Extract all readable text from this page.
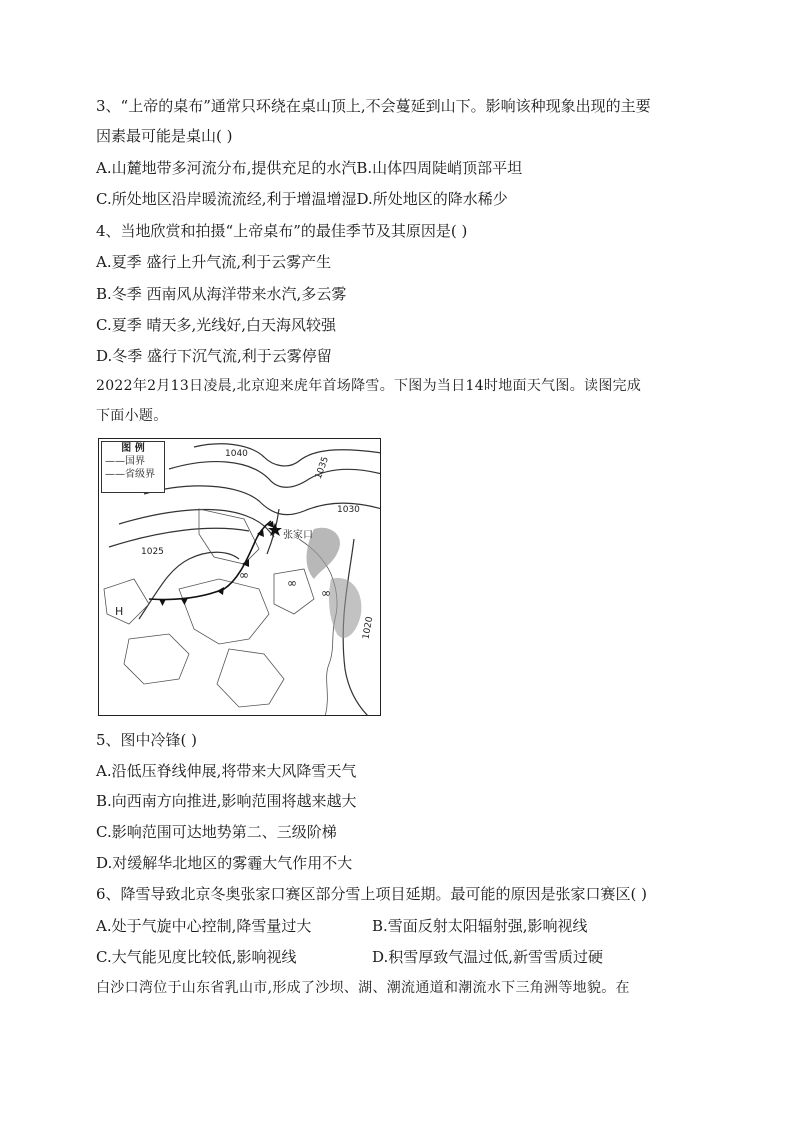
3、“上帝的桌布”通常只环绕在桌山顶上,不会蔓延到山下。影响该种现象出现的主要
因素最可能是桌山( )
A.山麓地带多河流分布,提供充足的水汽B.山体四周陡峭顶部平坦
C.所处地区沿岸暖流流经,利于增温增湿D.所处地区的降水稀少
4、当地欣赏和拍摄“上帝桌布”的最佳季节及其原因是( )
A.夏季 盛行上升气流,利于云雾产生
B.冬季 西南风从海洋带来水汽,多云雾
C.夏季 晴天多,光线好,白天海风较强
D.冬季 盛行下沉气流,利于云雾停留
2022年2月13日凌晨,北京迎来虎年首场降雪。下图为当日14时地面天气图。读图完成
下面小题。
∞
∞
∞
图 例
——国界
——省级界
1040
1035
1030
1025
1020
H
张家口
5、图中冷锋( )
A.沿低压脊线伸展,将带来大风降雪天气
B.向西南方向推进,影响范围将越来越大
C.影响范围可达地势第二、三级阶梯
D.对缓解华北地区的雾霾大气作用不大
6、降雪导致北京冬奥张家口赛区部分雪上项目延期。最可能的原因是张家口赛区( )
A.处于气旋中心控制,降雪量过大	B.雪面反射太阳辐射强,影响视线
C.大气能见度比较低,影响视线	D.积雪厚致气温过低,新雪雪质过硬
白沙口湾位于山东省乳山市,形成了沙坝、湖、潮流通道和潮流水下三角洲等地貌。在
